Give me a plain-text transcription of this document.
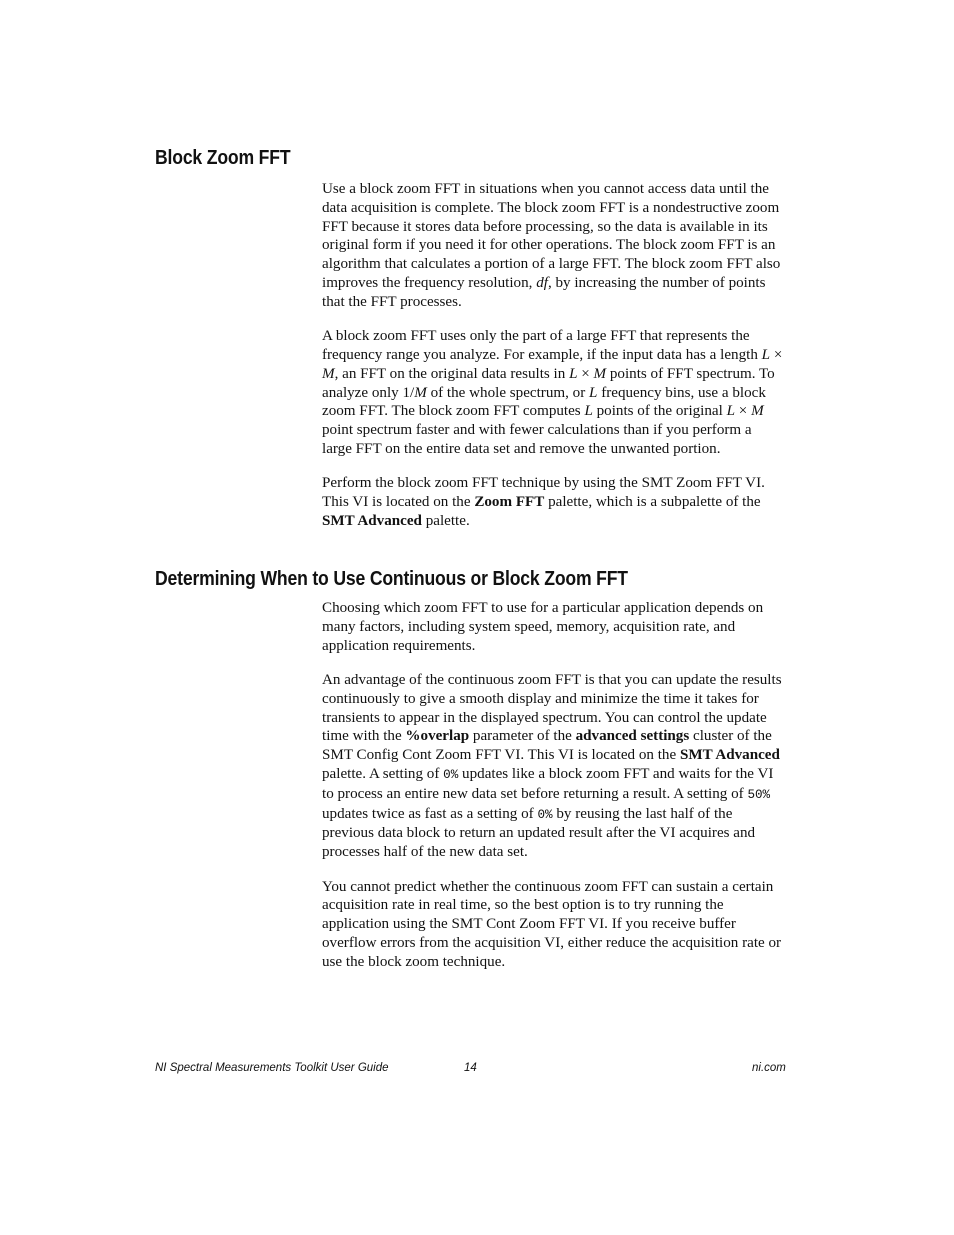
Block Zoom FFT

Use a block zoom FFT in situations when you cannot access data until the data acquisition is complete. The block zoom FFT is a nondestructive zoom FFT because it stores data before processing, so the data is available in its original form if you need it for other operations. The block zoom FFT is an algorithm that calculates a portion of a large FFT. The block zoom FFT also improves the frequency resolution, df, by increasing the number of points that the FFT processes.

A block zoom FFT uses only the part of a large FFT that represents the frequency range you analyze. For example, if the input data has a length L × M, an FFT on the original data results in L × M points of FFT spectrum. To analyze only 1/M of the whole spectrum, or L frequency bins, use a block zoom FFT. The block zoom FFT computes L points of the original L × M point spectrum faster and with fewer calculations than if you perform a large FFT on the entire data set and remove the unwanted portion.

Perform the block zoom FFT technique by using the SMT Zoom FFT VI. This VI is located on the Zoom FFT palette, which is a subpalette of the SMT Advanced palette.

Determining When to Use Continuous or Block Zoom FFT

Choosing which zoom FFT to use for a particular application depends on many factors, including system speed, memory, acquisition rate, and application requirements.

An advantage of the continuous zoom FFT is that you can update the results continuously to give a smooth display and minimize the time it takes for transients to appear in the displayed spectrum. You can control the update time with the %overlap parameter of the advanced settings cluster of the SMT Config Cont Zoom FFT VI. This VI is located on the SMT Advanced palette. A setting of 0% updates like a block zoom FFT and waits for the VI to process an entire new data set before returning a result. A setting of 50% updates twice as fast as a setting of 0% by reusing the last half of the previous data block to return an updated result after the VI acquires and processes half of the new data set.

You cannot predict whether the continuous zoom FFT can sustain a certain acquisition rate in real time, so the best option is to try running the application using the SMT Cont Zoom FFT VI. If you receive buffer overflow errors from the acquisition VI, either reduce the acquisition rate or use the block zoom technique.

NI Spectral Measurements Toolkit User Guide	14	ni.com
